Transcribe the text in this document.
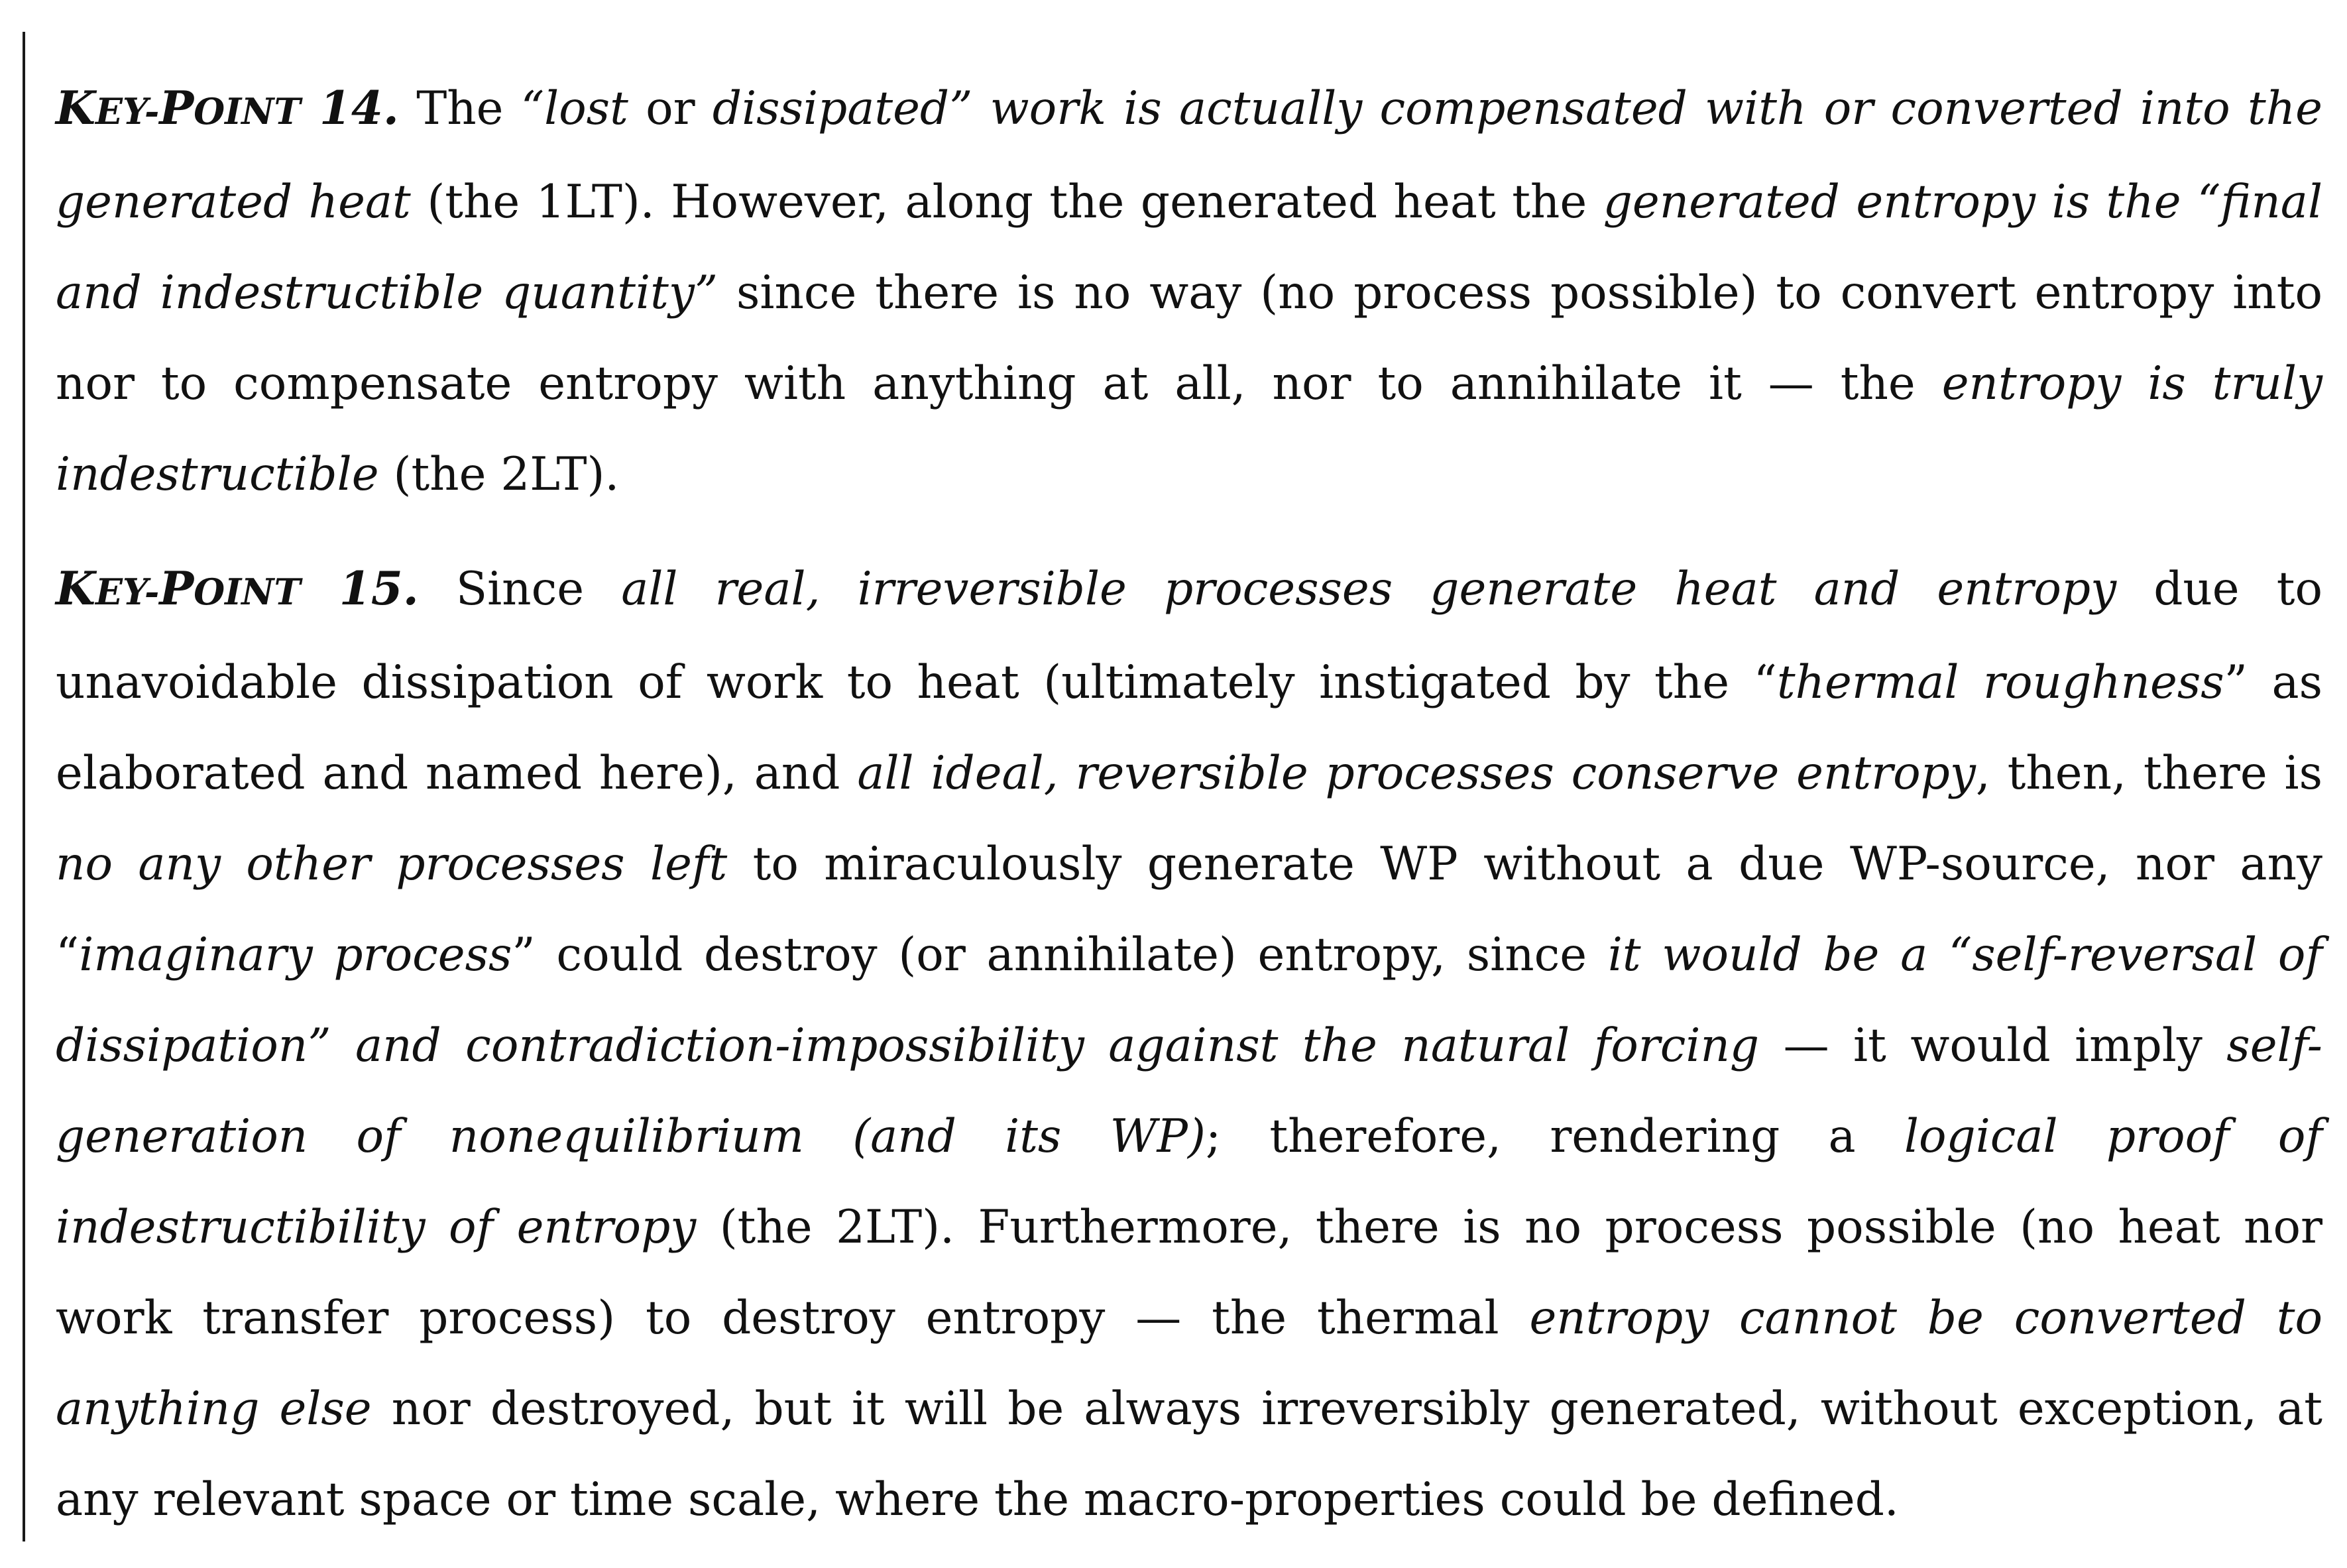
KEY-POINT 14. The “lost or dissipated” work is actually compensated with or converted into the generated heat (the 1LT). However, along the generated heat the generated entropy is the “final and indestructible quantity” since there is no way (no process possible) to convert entropy into nor to compensate entropy with anything at all, nor to annihilate it — the entropy is truly indestructible (the 2LT).

KEY-POINT 15. Since all real, irreversible processes generate heat and entropy due to unavoidable dissipation of work to heat (ultimately instigated by the “thermal roughness” as elaborated and named here), and all ideal, reversible processes conserve entropy, then, there is no any other processes left to miraculously generate WP without a due WP-source, nor any “imaginary process” could destroy (or annihilate) entropy, since it would be a “self-reversal of dissipation” and contradiction-impossibility against the natural forcing — it would imply self-generation of nonequilibrium (and its WP); therefore, rendering a logical proof of indestructibility of entropy (the 2LT). Furthermore, there is no process possible (no heat nor work transfer process) to destroy entropy — the thermal entropy cannot be converted to anything else nor destroyed, but it will be always irreversibly generated, without exception, at any relevant space or time scale, where the macro-properties could be defined.
